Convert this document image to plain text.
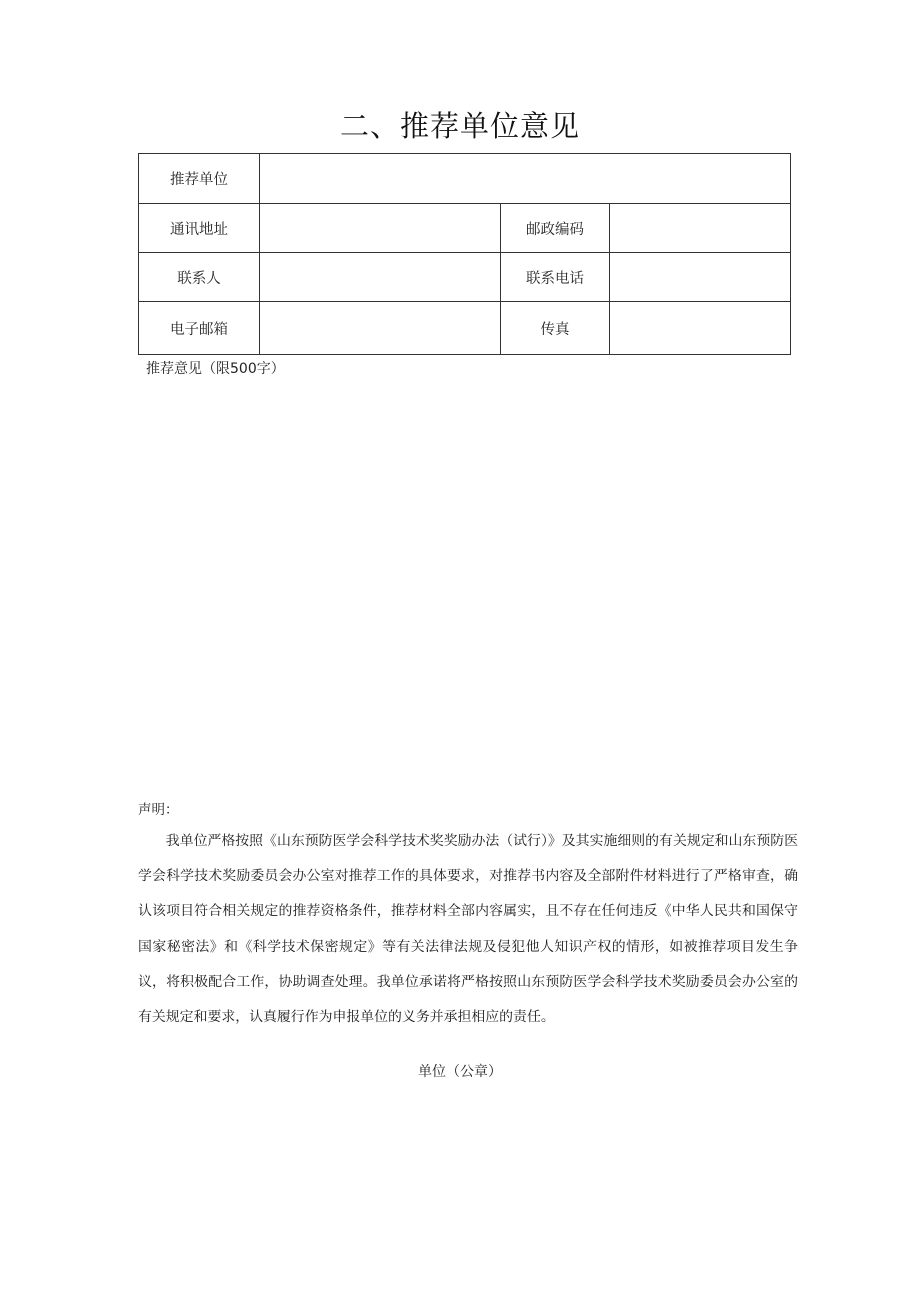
二、推荐单位意见
推荐单位			
通讯地址		邮政编码	
联系人		联系电话	
电子邮箱		传真	
推荐意见（限500字）
声明：

我单位严格按照《山东预防医学会科学技术奖奖励办法（试行）》及其实施细则的有关规定和山东预防医学会科学技术奖励委员会办公室对推荐工作的具体要求，对推荐书内容及全部附件材料进行了严格审查，确认该项目符合相关规定的推荐资格条件，推荐材料全部内容属实，且不存在任何违反《中华人民共和国保守国家秘密法》和《科学技术保密规定》等有关法律法规及侵犯他人知识产权的情形，如被推荐项目发生争议，将积极配合工作，协助调查处理。我单位承诺将严格按照山东预防医学会科学技术奖励委员会办公室的有关规定和要求，认真履行作为申报单位的义务并承担相应的责任。

单位（公章）
